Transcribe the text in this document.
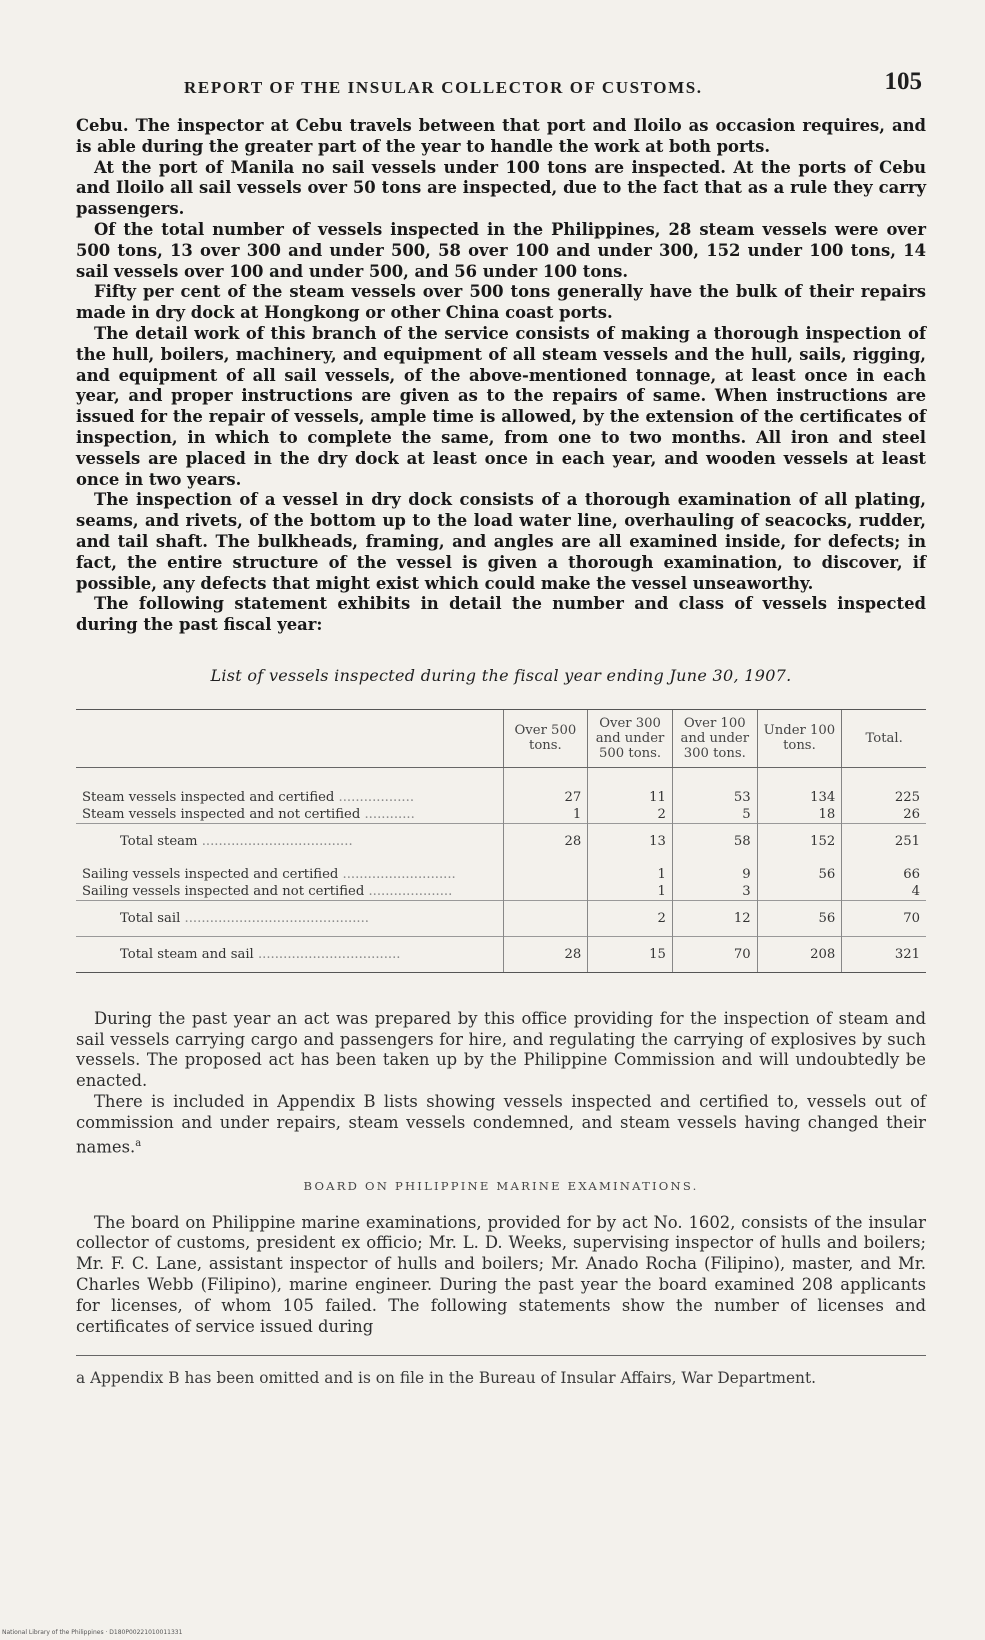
REPORT OF THE INSULAR COLLECTOR OF CUSTOMS.	105

Cebu. The inspector at Cebu travels between that port and Iloilo as occasion requires, and is able during the greater part of the year to handle the work at both ports.

At the port of Manila no sail vessels under 100 tons are inspected. At the ports of Cebu and Iloilo all sail vessels over 50 tons are inspected, due to the fact that as a rule they carry passengers.

Of the total number of vessels inspected in the Philippines, 28 steam vessels were over 500 tons, 13 over 300 and under 500, 58 over 100 and under 300, 152 under 100 tons, 14 sail vessels over 100 and under 500, and 56 under 100 tons.

Fifty per cent of the steam vessels over 500 tons generally have the bulk of their repairs made in dry dock at Hongkong or other China coast ports.

The detail work of this branch of the service consists of making a thorough inspection of the hull, boilers, machinery, and equipment of all steam vessels and the hull, sails, rigging, and equipment of all sail vessels, of the above-mentioned tonnage, at least once in each year, and proper instructions are given as to the repairs of same. When instructions are issued for the repair of vessels, ample time is allowed, by the extension of the certificates of inspection, in which to complete the same, from one to two months. All iron and steel vessels are placed in the dry dock at least once in each year, and wooden vessels at least once in two years.

The inspection of a vessel in dry dock consists of a thorough examination of all plating, seams, and rivets, of the bottom up to the load water line, overhauling of seacocks, rudder, and tail shaft. The bulkheads, framing, and angles are all examined inside, for defects; in fact, the entire structure of the vessel is given a thorough examination, to discover, if possible, any defects that might exist which could make the vessel unseaworthy.

The following statement exhibits in detail the number and class of vessels inspected during the past fiscal year:

List of vessels inspected during the fiscal year ending June 30, 1907.
	Over 500 tons.	Over 300 and under 500 tons.	Over 100 and under 300 tons.	Under 100 tons.	Total.
Steam vessels inspected and certified ..................	27	11	53	134	225
Steam vessels inspected and not certified ............	1	2	5	18	26
Total steam ....................................	28	13	58	152	251
Sailing vessels inspected and certified ...........................		1	9	56	66
Sailing vessels inspected and not certified ....................		1	3		4
Total sail ............................................		2	12	56	70
Total steam and sail ..................................	28	15	70	208	321

During the past year an act was prepared by this office providing for the inspection of steam and sail vessels carrying cargo and passengers for hire, and regulating the carrying of explosives by such vessels. The proposed act has been taken up by the Philippine Commission and will undoubtedly be enacted.

There is included in Appendix B lists showing vessels inspected and certified to, vessels out of commission and under repairs, steam vessels condemned, and steam vessels having changed their names.$^a$

BOARD ON PHILIPPINE MARINE EXAMINATIONS.

The board on Philippine marine examinations, provided for by act No. 1602, consists of the insular collector of customs, president ex officio; Mr. L. D. Weeks, supervising inspector of hulls and boilers; Mr. F. C. Lane, assistant inspector of hulls and boilers; Mr. Anado Rocha (Filipino), master, and Mr. Charles Webb (Filipino), marine engineer. During the past year the board examined 208 applicants for licenses, of whom 105 failed. The following statements show the number of licenses and certificates of service issued during

a Appendix B has been omitted and is on file in the Bureau of Insular Affairs, War Department.
National Library of the Philippines · D180P00221010011331
